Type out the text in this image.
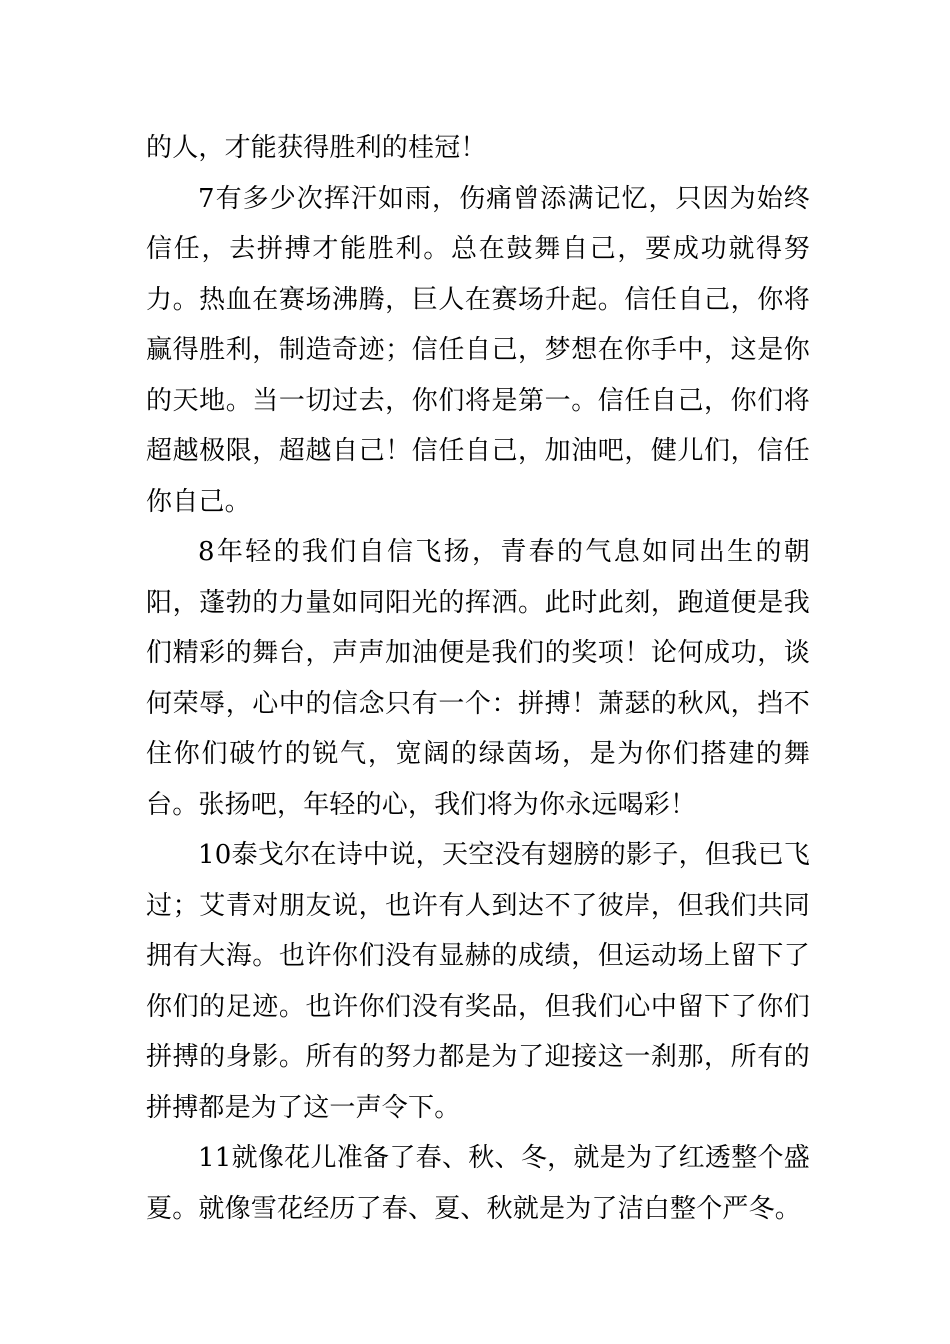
的人，才能获得胜利的桂冠！

7有多少次挥汗如雨，伤痛曾添满记忆，只因为始终信任，去拼搏才能胜利。总在鼓舞自己，要成功就得努力。热血在赛场沸腾，巨人在赛场升起。信任自己，你将赢得胜利，制造奇迹；信任自己，梦想在你手中，这是你的天地。当一切过去，你们将是第一。信任自己，你们将超越极限，超越自己！信任自己，加油吧，健儿们，信任你自己。

8年轻的我们自信飞扬，青春的气息如同出生的朝阳，蓬勃的力量如同阳光的挥洒。此时此刻，跑道便是我们精彩的舞台，声声加油便是我们的奖项！论何成功，谈何荣辱，心中的信念只有一个：拼搏！萧瑟的秋风，挡不住你们破竹的锐气，宽阔的绿茵场，是为你们搭建的舞台。张扬吧，年轻的心，我们将为你永远喝彩！

10泰戈尔在诗中说，天空没有翅膀的影子，但我已飞过；艾青对朋友说，也许有人到达不了彼岸，但我们共同拥有大海。也许你们没有显赫的成绩，但运动场上留下了你们的足迹。也许你们没有奖品，但我们心中留下了你们拼搏的身影。所有的努力都是为了迎接这一刹那，所有的拼搏都是为了这一声令下。

11就像花儿准备了春、秋、冬，就是为了红透整个盛夏。就像雪花经历了春、夏、秋就是为了洁白整个严冬。
